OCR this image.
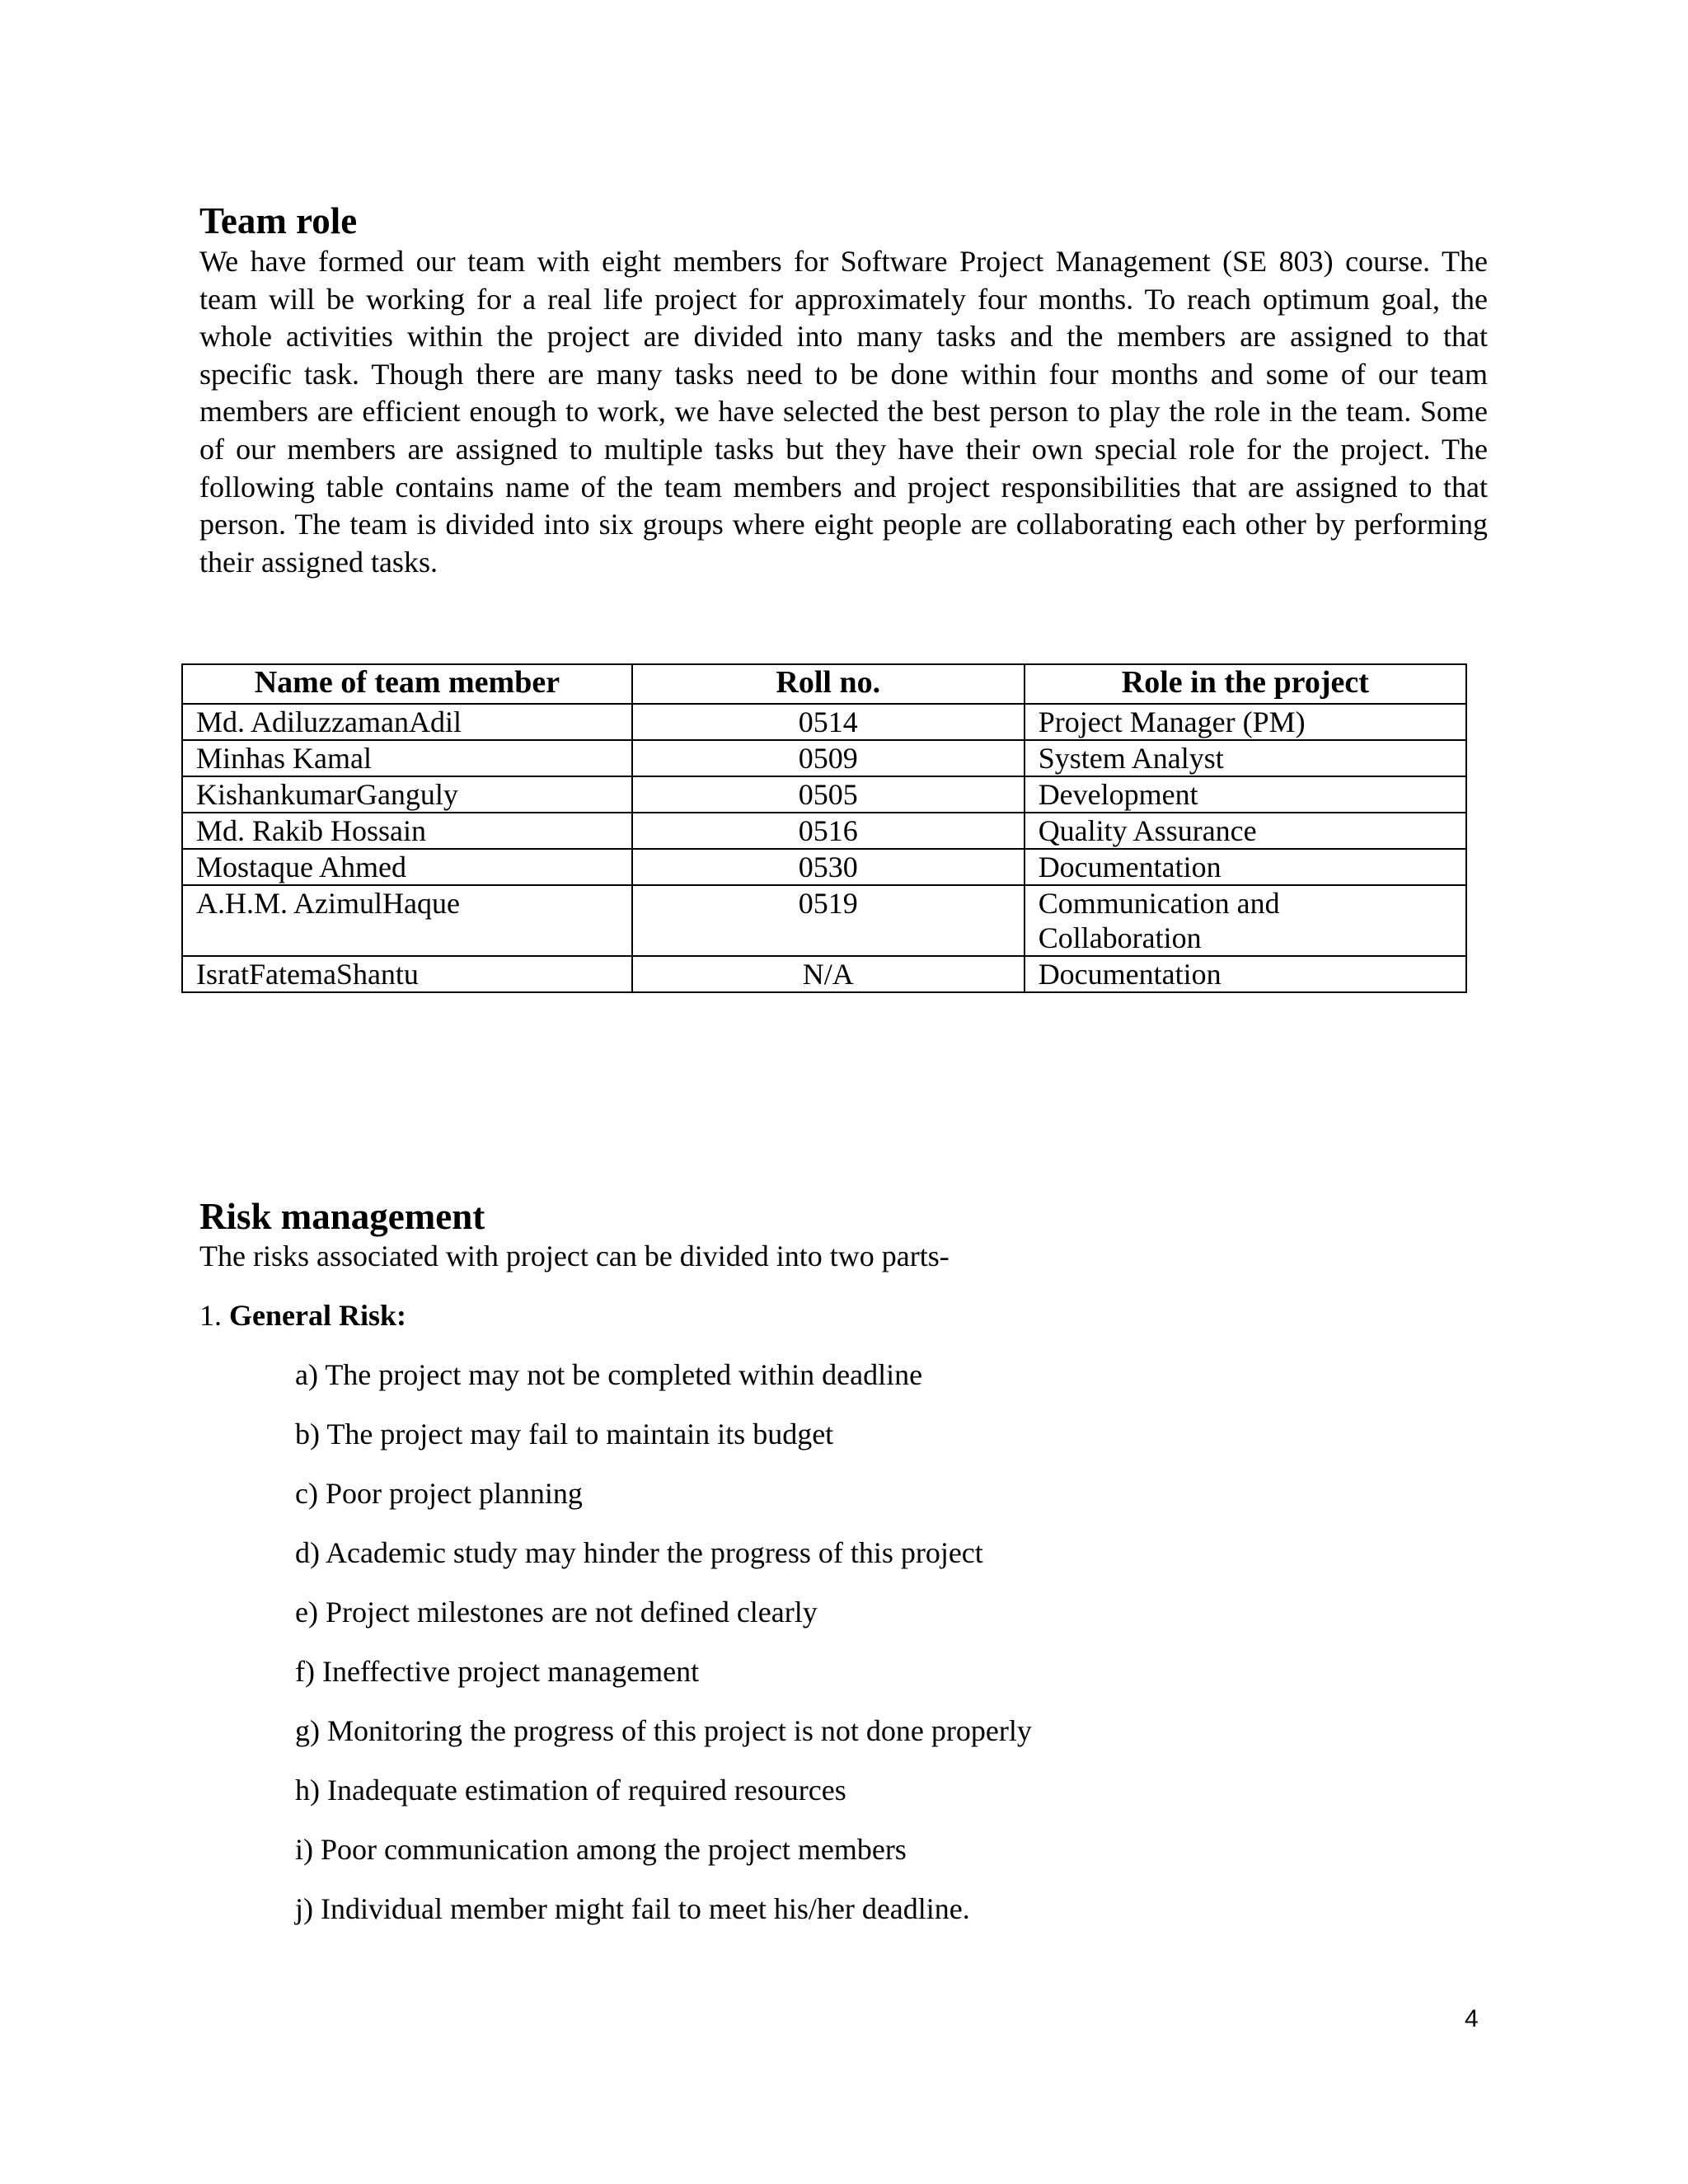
Team role
We have formed our team with eight members for Software Project Management (SE 803) course. The
team will be working for a real life project for approximately four months. To reach optimum goal, the
whole activities within the project are divided into many tasks and the members are assigned to that
specific task. Though there are many tasks need to be done within four months and some of our team
members are efficient enough to work, we have selected the best person to play the role in the team. Some
of our members are assigned to multiple tasks but they have their own special role for the project. The
following table contains name of the team members and project responsibilities that are assigned to that
person. The team is divided into six groups where eight people are collaborating each other by performing
their assigned tasks.
Name of team member	Roll no.	Role in the project
Md. AdiluzzamanAdil	0514	Project Manager (PM)
Minhas Kamal	0509	System Analyst
KishankumarGanguly	0505	Development
Md. Rakib Hossain	0516	Quality Assurance
Mostaque Ahmed	0530	Documentation
A.H.M. AzimulHaque	0519	Communication and
Collaboration

IsratFatemaShantu	N/A	Documentation
Risk management

The risks associated with project can be divided into two parts-

1. General Risk:

a) The project may not be completed within deadline

b) The project may fail to maintain its budget

c) Poor project planning

d) Academic study may hinder the progress of this project

e) Project milestones are not defined clearly

f) Ineffective project management

g) Monitoring the progress of this project is not done properly

h) Inadequate estimation of required resources

i) Poor communication among the project members

j) Individual member might fail to meet his/her deadline.

4
